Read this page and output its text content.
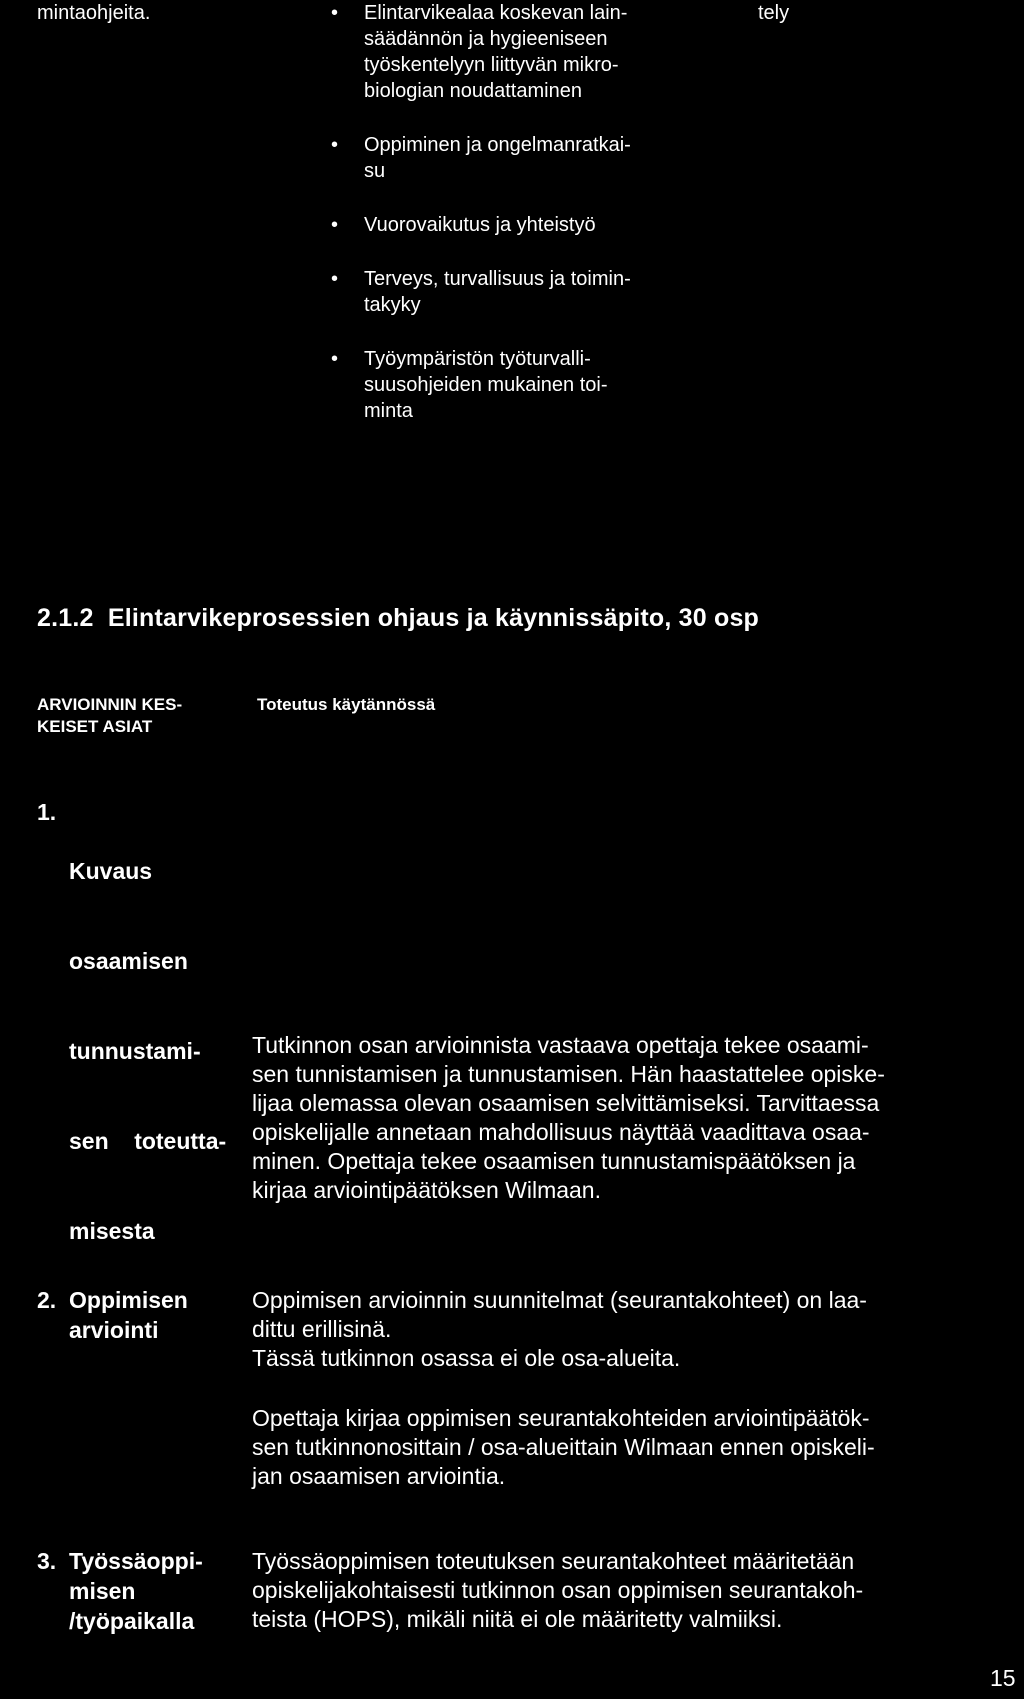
mintaohjeita.	tely
• Elintarvikealaa koskevan lain-
säädännön ja hygieeniseen
työskentelyyn liittyvän mikro-
biologian noudattaminen
• Oppiminen ja ongelmanratkai-
su
• Vuorovaikutus ja yhteistyö
• Terveys, turvallisuus ja toimin-
takyky
• Työympäristön työturvalli-
suusohjeiden mukainen toi-
minta
2.1.2  Elintarvikeprosessien ohjaus ja käynnissäpito, 30 osp
ARVIOINNIN KES-
KEISET ASIAT
Toteutus käytännössä
1.

Kuvaus

osaamisen

tunnustami-

sen    toteutta-

misesta

Tutkinnon osan arvioinnista vastaava opettaja tekee osaami-
sen tunnistamisen ja tunnustamisen. Hän haastattelee opiske-
lijaa olemassa olevan osaamisen selvittämiseksi. Tarvittaessa
opiskelijalle annetaan mahdollisuus näyttää vaadittava osaa-
minen. Opettaja tekee osaamisen tunnustamispäätöksen ja
kirjaa arviointipäätöksen Wilmaan.
2. Oppimisen
arviointi
Oppimisen arvioinnin suunnitelmat (seurantakohteet) on laa-
dittu erillisinä.
Tässä tutkinnon osassa ei ole osa-alueita.
Opettaja kirjaa oppimisen seurantakohteiden arviointipäätök-
sen tutkinnonosittain / osa-alueittain Wilmaan ennen opiskeli-
jan osaamisen arviointia.
3. Työssäoppi-
misen
/työpaikalla
Työssäoppimisen toteutuksen seurantakohteet määritetään
opiskelijakohtaisesti tutkinnon osan oppimisen seurantakoh-
teista (HOPS), mikäli niitä ei ole määritetty valmiiksi.
15
